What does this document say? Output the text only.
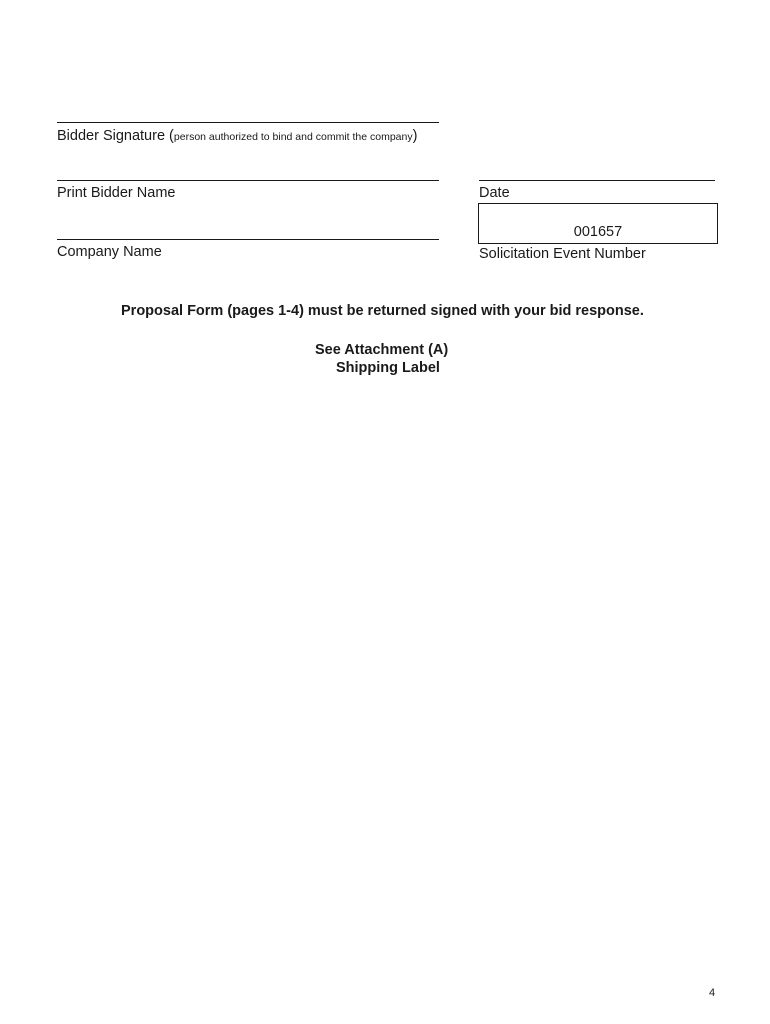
Bidder Signature (person authorized to bind and commit the company)
Print Bidder Name	Date
001657
Solicitation Event Number
Company Name
Proposal Form (pages 1-4) must be returned signed with your bid response.
See Attachment (A)
Shipping Label
4
